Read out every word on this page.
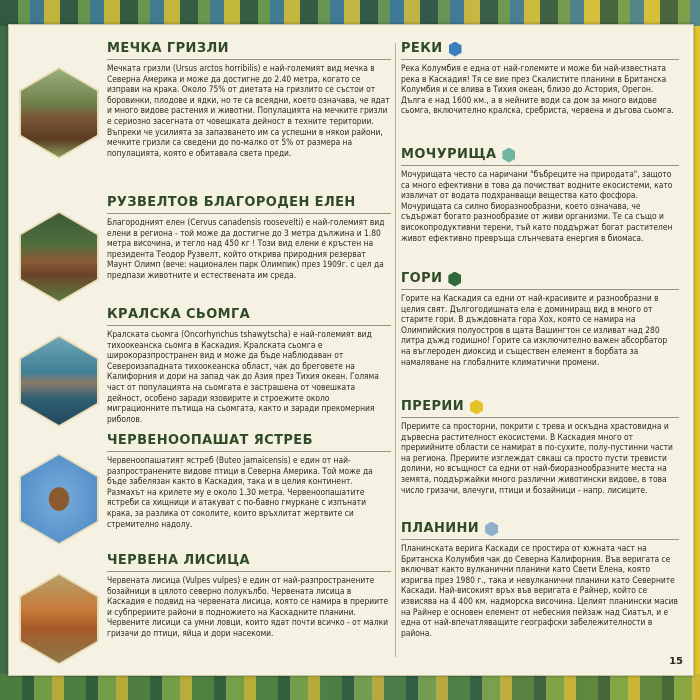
МЕЧКА ГРИЗЛИ

Мечката гризли (Ursus arctos horribilis) е най-големият вид мечка в Северна Америка и може да достигне до 2.40 метра, когато се изправи на крака. Около 75% от диетата на гризлито се състои от боровинки, плодове и ядки, но те са всеядни, което означава, че ядат и много видове растения и животни. Популацията на мечките гризли е сериозно засегната от човешката дейност в техните територии. Въпреки че усилията за запазването им са успешни в някои райони, мечките гризли са сведени до по-малко от 5% от размера на популацията, която е обитавала света преди.

РУЗВЕЛТОВ БЛАГОРОДЕН ЕЛЕН

Благородният елен (Cervus canadensis roosevelti) е най-големият вид елени в региона - той може да достигне до 3 метра дължина и 1.80 метра височина, и тегло над 450 кг ! Този вид елени е кръстен на президента Теодор Рузвелт, който открива природния резерват Маунт Олимп (вече: национален парк Олимпик) през 1909г. с цел да предпази животните и естествената им среда.

КРАЛСКА СЬОМГА

Кралската сьомга (Oncorhynchus tshawytscha) е най-големият вид тихоокеанска сьомга в Каскадия. Кралската сьомга е широкоразпространен вид и може да бъде наблюдаван от Североизападната тихоокеанска област, чак до бреговете на Калифорния и дори на запад чак до Азия през Тихия океан. Голяма част от популацията на сьомгата е застрашена от човешката дейност, особено заради язовирите и строежите около миграционните пътища на сьомгата, както и заради прекомерния риболов.

ЧЕРВЕНООПАШАТ ЯСТРЕБ

Червеноопашатият ястреб (Buteo jamaicensis) е един от най-разпространените видове птици в Северна Америка. Той може да бъде забелязан както в Каскадия, така и в целия континент. Размахът на крилете му е около 1.30 метра. Червеноопашатите ястреби са хищници и атакуват с по-бавно гмуркане с изпънати крака, за разлика от соколите, които връхлитат жертвите си стремително надолу.

ЧЕРВЕНА ЛИСИЦА

Червената лисица (Vulpes vulpes) е един от най-разпространените бозайници в цялото северно полукълбо. Червената лисица в Каскадия е подвид на червената лисица, която се намира в прериите и субпрериите райони в подножието на Каскадните планини. Червените лисици са умни ловци, които ядат почти всичко - от малки гризачи до птици, яйца и дори насекоми.

РЕКИ

Река Колумбия е една от най-големите и може би най-известната река в Каскадия! Тя се вие през Скалистите планини в Британска Колумбия и се влива в Тихия океан, близо до Астория, Орегон. Дълга е над 1600 км., а в нейните води са дом за много видове сьомга, включително кралска, сребриста, червена и дъгова сьомга.

МОЧУРИЩА

Мочурищата често са наричани "бъбреците на природата", защото са много ефективни в това да почистват водните екосистеми, като извличат от водата подхранващи вещества като фосфора. Мочурищата са силно биоразнообразни, което означава, че съдържат богато разнообразие от живи организми. Те са също и високопродуктивни терени, тъй като поддържат богат растителен живот ефективно превръща слънчевата енергия в биомаса.

ГОРИ

Горите на Каскадия са едни от най-красивите и разнообразни в целия свят. Дългогодишната ела е доминиращ вид в много от старите гори. В дъждовната гора Хох, която се намира на Олимпийския полуостров в щата Вашингтон се изливат над 280 литра дъжд годишно! Горите са изключително важен абсорбатор на въглероден диоксид и съществен елемент в борбата за намаляване на глобалните климатични промени.

ПРЕРИИ

Прериите са просторни, покрити с трева и оскъдна храстовидна и дървесна растителност екосистеми. В Каскадия много от прериийните области се намират в по-сухите, полу-пустинни части на региона. Прериите изглеждат сякаш са просто пусти тревисти долини, но всъщност са едни от най-биоразнообразните места на земята, поддържайки много различни животински видове, в това число гризачи, влечуги, птици и бозайници - напр. лисиците.

ПЛАНИНИ

Планинската верига Каскади се простира от южната част на Британска Колумбия чак до Северна Калифорния. Във веригата се включват както вулканични планини като Свети Елена, която изригва през 1980 г., така и невулканични планини като Северните Каскади. Най-високият връх във веригата е Райнер, който се извисява на 4 400 км. надморска височина. Целият планински масив на Райнер е основен елемент от небесния пейзаж над Сиатъл, и е една от най-впечатляващите географски забележителности в района.

15
